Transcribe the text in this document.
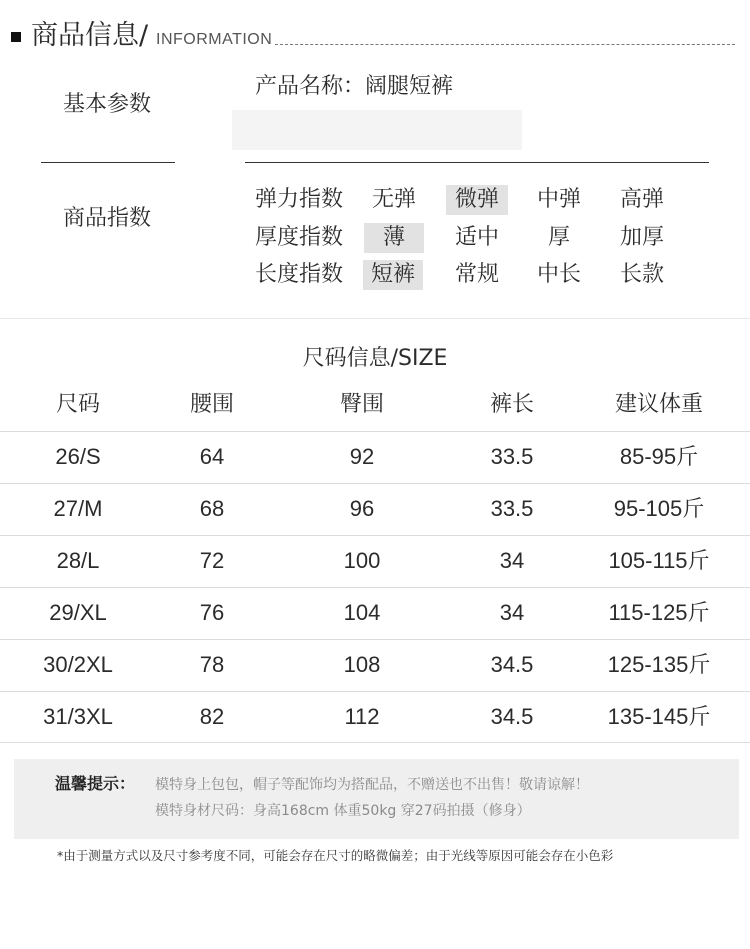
商品信息/ INFORMATION
基本参数
产品名称：阔腿短裤
商品指数
弹力指数 无弹	微弹	中弹 高弹
厚度指数	薄	适中 厚 加厚
长度指数	短裤	常规 中长 长款
尺码信息/SIZE
尺码	腰围	臀围	裤长	建议体重
26/S	64	92	33.5	85-95斤
27/M	68	96	33.5	95-105斤
28/L	72	100	34	105-115斤
29/XL	76	104	34	115-125斤
30/2XL	78	108	34.5	125-135斤
31/3XL	82	112	34.5	135-145斤
温馨提示： 模特身上包包，帽子等配饰均为搭配品，不赠送也不出售！敬请谅解！
模特身材尺码：身高168cm 体重50kg 穿27码拍摄（修身）
*由于测量方式以及尺寸参考度不同，可能会存在尺寸的略微偏差；由于光线等原因可能会存在小色彩
